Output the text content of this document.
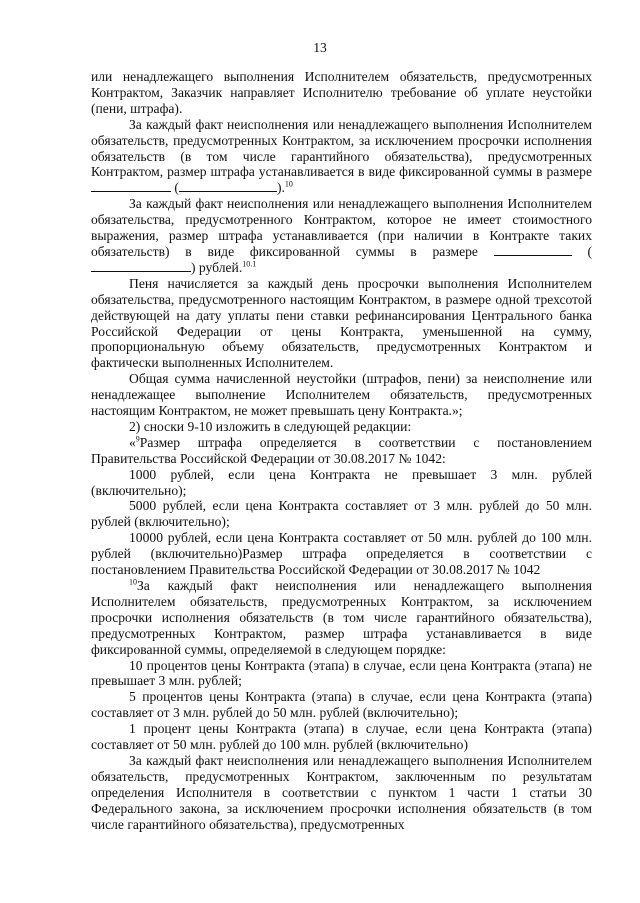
13

или ненадлежащего выполнения Исполнителем обязательств, предусмотренных Контрактом, Заказчик направляет Исполнителю требование об уплате неустойки (пени, штрафа).

За каждый факт неисполнения или ненадлежащего выполнения Исполнителем обязательств, предусмотренных Контрактом, за исключением просрочки исполнения обязательств (в том числе гарантийного обязательства), предусмотренных Контрактом, размер штрафа устанавливается в виде фиксированной суммы в размере  (	).$^{10}$

За каждый факт неисполнения или ненадлежащего выполнения Исполнителем обязательства, предусмотренного Контрактом, которое не имеет стоимостного выражения, размер штрафа устанавливается (при наличии в Контракте таких обязательств) в виде фиксированной суммы в размере	() рублей.$^{10.1}$

Пеня начисляется за каждый день просрочки выполнения Исполнителем обязательства, предусмотренного настоящим Контрактом, в размере одной трехсотой действующей на дату уплаты пени ставки рефинансирования Центрального банка Российской Федерации от цены Контракта, уменьшенной на сумму, пропорциональную объему обязательств, предусмотренных Контрактом и фактически выполненных Исполнителем.

Общая сумма начисленной неустойки (штрафов, пени) за неисполнение или ненадлежащее выполнение Исполнителем обязательств, предусмотренных настоящим Контрактом, не может превышать цену Контракта.»;

2) сноски 9-10 изложить в следующей редакции:

«$^9$Размер штрафа определяется в соответствии с постановлением Правительства Российской Федерации от 30.08.2017 № 1042:

1000 рублей, если цена Контракта не превышает 3 млн. рублей (включительно);

5000 рублей, если цена Контракта составляет от 3 млн. рублей до 50 млн. рублей (включительно);

10000 рублей, если цена Контракта составляет от 50 млн. рублей до 100 млн. рублей (включительно)Размер штрафа определяется в соответствии с постановлением Правительства Российской Федерации от 30.08.2017 № 1042

$^{10}$За каждый факт неисполнения или ненадлежащего выполнения Исполнителем обязательств, предусмотренных Контрактом, за исключением просрочки исполнения обязательств (в том числе гарантийного обязательства), предусмотренных Контрактом, размер штрафа устанавливается в виде фиксированной суммы, определяемой в следующем порядке:

10 процентов цены Контракта (этапа) в случае, если цена Контракта (этапа) не превышает 3 млн. рублей;

5 процентов цены Контракта (этапа) в случае, если цена Контракта (этапа) составляет от 3 млн. рублей до 50 млн. рублей (включительно);

1 процент цены Контракта (этапа) в случае, если цена Контракта (этапа) составляет от 50 млн. рублей до 100 млн. рублей (включительно)

За каждый факт неисполнения или ненадлежащего выполнения Исполнителем обязательств, предусмотренных Контрактом, заключенным по результатам определения Исполнителя в соответствии с пунктом 1 части 1 статьи 30 Федерального закона, за исключением просрочки исполнения обязательств (в том числе гарантийного обязательства), предусмотренных
